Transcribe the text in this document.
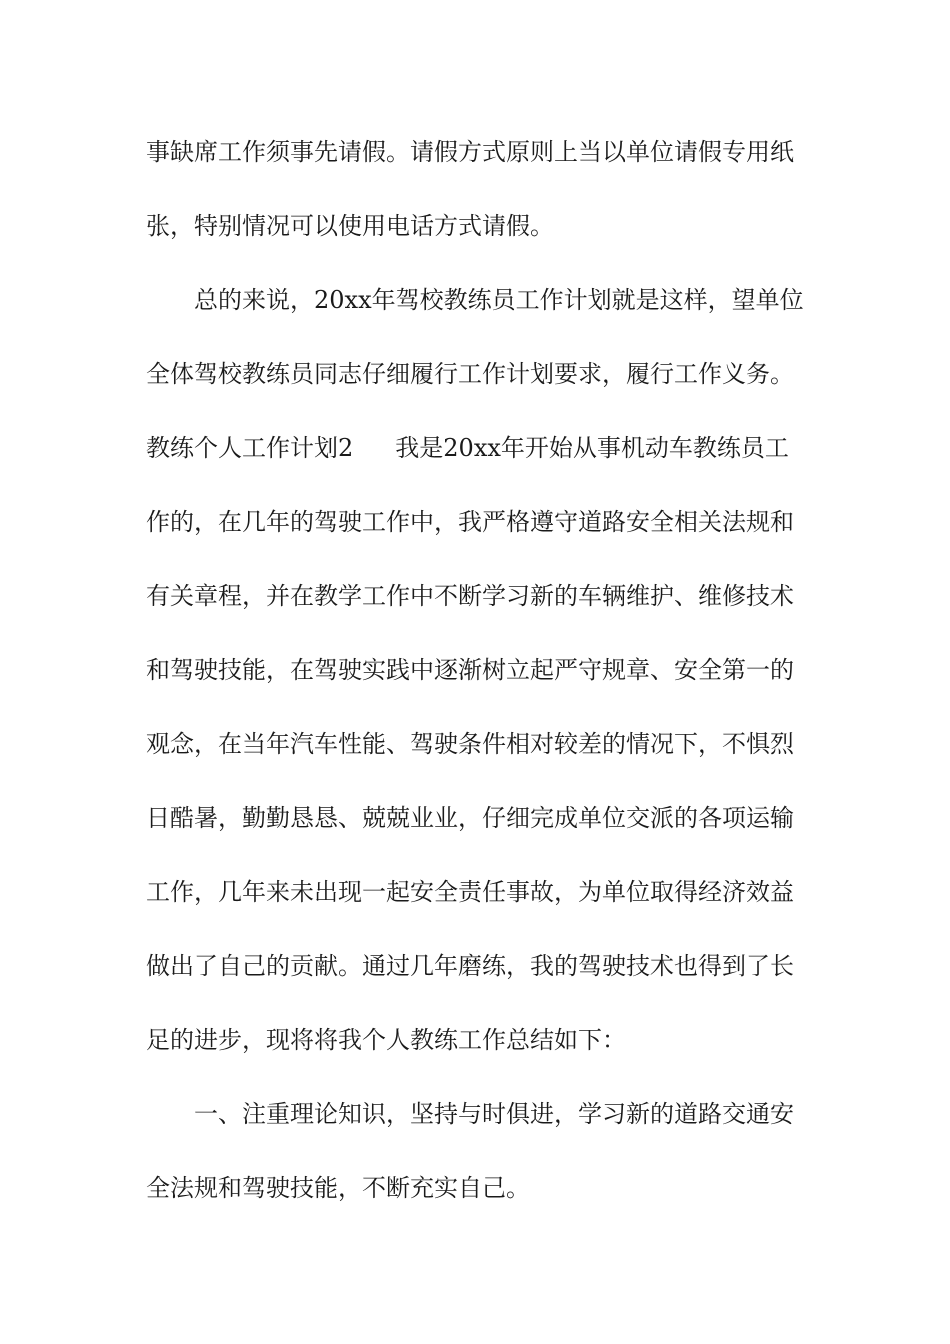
事缺席工作须事先请假。请假方式原则上当以单位请假专用纸
张，特别情况可以使用电话方式请假。
总的来说，20xx年驾校教练员工作计划就是这样，望单位
全体驾校教练员同志仔细履行工作计划要求，履行工作义务。
教练个人工作计划2 我是20xx年开始从事机动车教练员工
作的，在几年的驾驶工作中，我严格遵守道路安全相关法规和
有关章程，并在教学工作中不断学习新的车辆维护、维修技术
和驾驶技能，在驾驶实践中逐渐树立起严守规章、安全第一的
观念，在当年汽车性能、驾驶条件相对较差的情况下，不惧烈
日酷暑，勤勤恳恳、兢兢业业，仔细完成单位交派的各项运输
工作，几年来未出现一起安全责任事故，为单位取得经济效益
做出了自己的贡献。通过几年磨练，我的驾驶技术也得到了长
足的进步，现将将我个人教练工作总结如下：
一、注重理论知识，坚持与时俱进，学习新的道路交通安
全法规和驾驶技能，不断充实自己。
